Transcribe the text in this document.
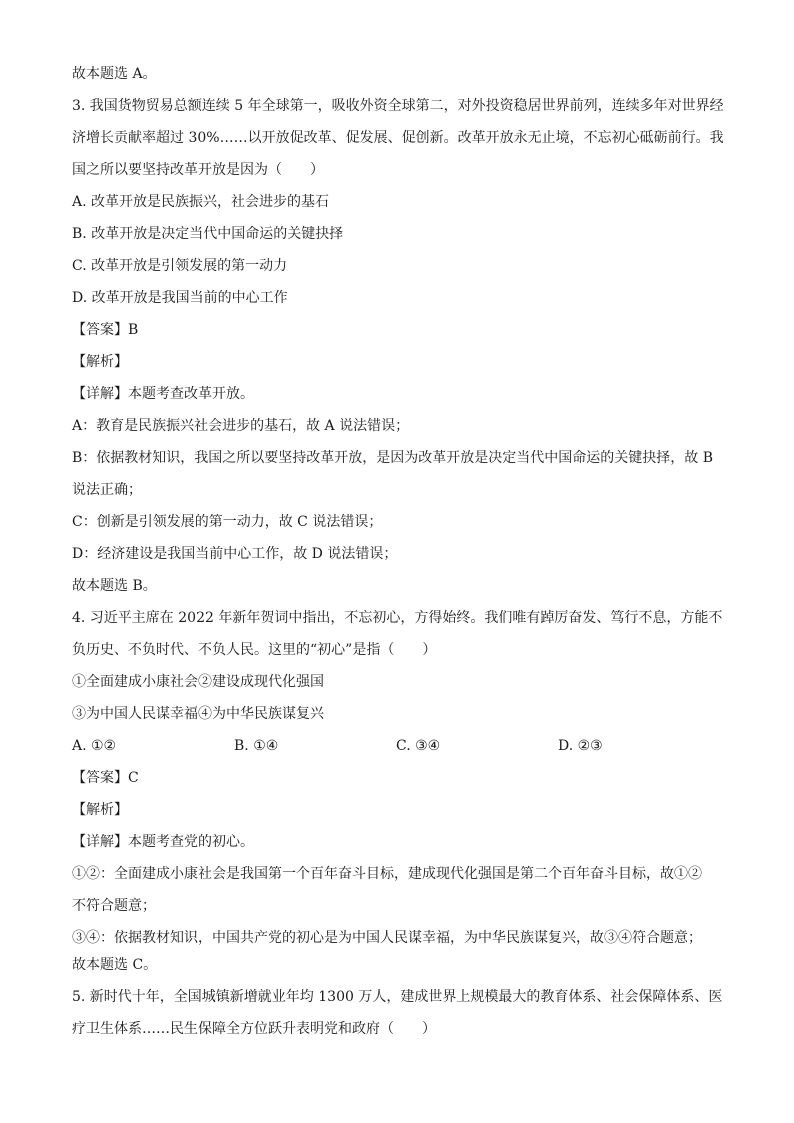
故本题选 A。
3. 我国货物贸易总额连续 5 年全球第一，吸收外资全球第二，对外投资稳居世界前列，连续多年对世界经
济增长贡献率超过 30%……以开放促改革、促发展、促创新。改革开放永无止境，不忘初心砥砺前行。我
国之所以要坚持改革开放是因为（　　）
A. 改革开放是民族振兴，社会进步的基石
B. 改革开放是决定当代中国命运的关键抉择
C. 改革开放是引领发展的第一动力
D. 改革开放是我国当前的中心工作
【答案】B
【解析】
【详解】本题考查改革开放。
A：教育是民族振兴社会进步的基石，故 A 说法错误；
B：依据教材知识，我国之所以要坚持改革开放，是因为改革开放是决定当代中国命运的关键抉择，故 B
说法正确；
C：创新是引领发展的第一动力，故 C 说法错误；
D：经济建设是我国当前中心工作，故 D 说法错误；
故本题选 B。
4. 习近平主席在 2022 年新年贺词中指出，不忘初心，方得始终。我们唯有踔厉奋发、笃行不息，方能不
负历史、不负时代、不负人民。这里的“初心”是指（　　）
①全面建成小康社会②建设成现代化强国
③为中国人民谋幸福④为中华民族谋复兴
A. ①②	B. ①④	C. ③④	D. ②③
【答案】C
【解析】
【详解】本题考查党的初心。
①②：全面建成小康社会是我国第一个百年奋斗目标，建成现代化强国是第二个百年奋斗目标，故①②
不符合题意；
③④：依据教材知识，中国共产党的初心是为中国人民谋幸福，为中华民族谋复兴，故③④符合题意；
故本题选 C。
5. 新时代十年，全国城镇新增就业年均 1300 万人，建成世界上规模最大的教育体系、社会保障体系、医
疗卫生体系……民生保障全方位跃升表明党和政府（　　）
